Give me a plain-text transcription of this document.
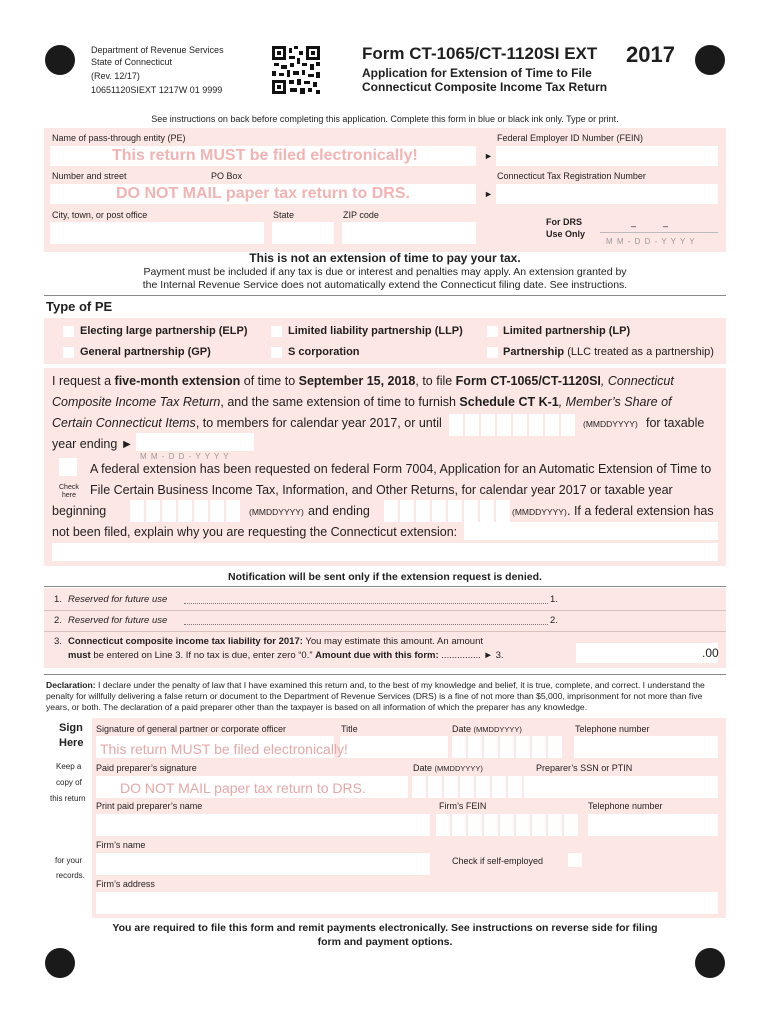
Department of Revenue Services
State of Connecticut
(Rev. 12/17)
10651120SIEXT 1217W 01 9999
Form CT-1065/CT-1120SI EXT 2017
Application for Extension of Time to File
Connecticut Composite Income Tax Return
See instructions on back before completing this application. Complete this form in blue or black ink only. Type or print.
Name of pass-through entity (PE)	Federal Employer ID Number (FEIN)
This return MUST be filed electronically!	►
Number and street	PO Box	Connecticut Tax Registration Number
DO NOT MAIL paper tax return to DRS.	►
City, town, or post office	State	ZIP code
For DRS
Use Only
–	–
M M - D D - Y Y Y Y
This is not an extension of time to pay your tax.
Payment must be included if any tax is due or interest and penalties may apply. An extension granted by
the Internal Revenue Service does not automatically extend the Connecticut filing date. See instructions.
Type of PE
Electing large partnership (ELP)	Limited liability partnership (LLP)	Limited partnership (LP)
General partnership (GP)	S corporation	Partnership (LLC treated as a partnership)
I request a five-month extension of time to September 15, 2018, to file Form CT-1065/CT-1120SI, Connecticut
Composite Income Tax Return, and the same extension of time to furnish Schedule CT K-1, Member’s Share of
Certain Connecticut Items, to members for calendar year 2017, or until	(MMDDYYYY) for taxable
year ending ►
M M - D D - Y Y Y Y
Check
here
A federal extension has been requested on federal Form 7004, Application for an Automatic Extension of Time to
File Certain Business Income Tax, Information, and Other Returns, for calendar year 2017 or taxable year
beginning	(MMDDYYYY) and ending	(MMDDYYYY) . If a federal extension has
not been filed, explain why you are requesting the Connecticut extension:
Notification will be sent only if the extension request is denied.
1. Reserved for future use	1.
2. Reserved for future use	2.
3. Connecticut composite income tax liability for 2017: You may estimate this amount. An amount
must be entered on Line 3. If no tax is due, enter zero “0.” Amount due with this form: ............... ► 3.	.00
Declaration: I declare under the penalty of law that I have examined this return and, to the best of my knowledge and belief, it is true, complete, and correct. I understand the penalty for willfully delivering a false return or document to the Department of Revenue Services (DRS) is a fine of not more than $5,000, imprisonment for not more than five years, or both. The declaration of a paid preparer other than the taxpayer is based on all information of which the preparer has any knowledge.
Sign
Here
Keep a
copy of
this return
for your
records.
Signature of general partner or corporate officer	Title	Date (MMDDYYYY)	Telephone number
This return MUST be filed electronically!
Paid preparer’s signature	Date (MMDDYYYY)	Preparer’s SSN or PTIN
DO NOT MAIL paper tax return to DRS.
Print paid preparer’s name	Firm’s FEIN	Telephone number
Firm’s name
Check if self-employed
Firm’s address
You are required to file this form and remit payments electronically. See instructions on reverse side for filing
form and payment options.
